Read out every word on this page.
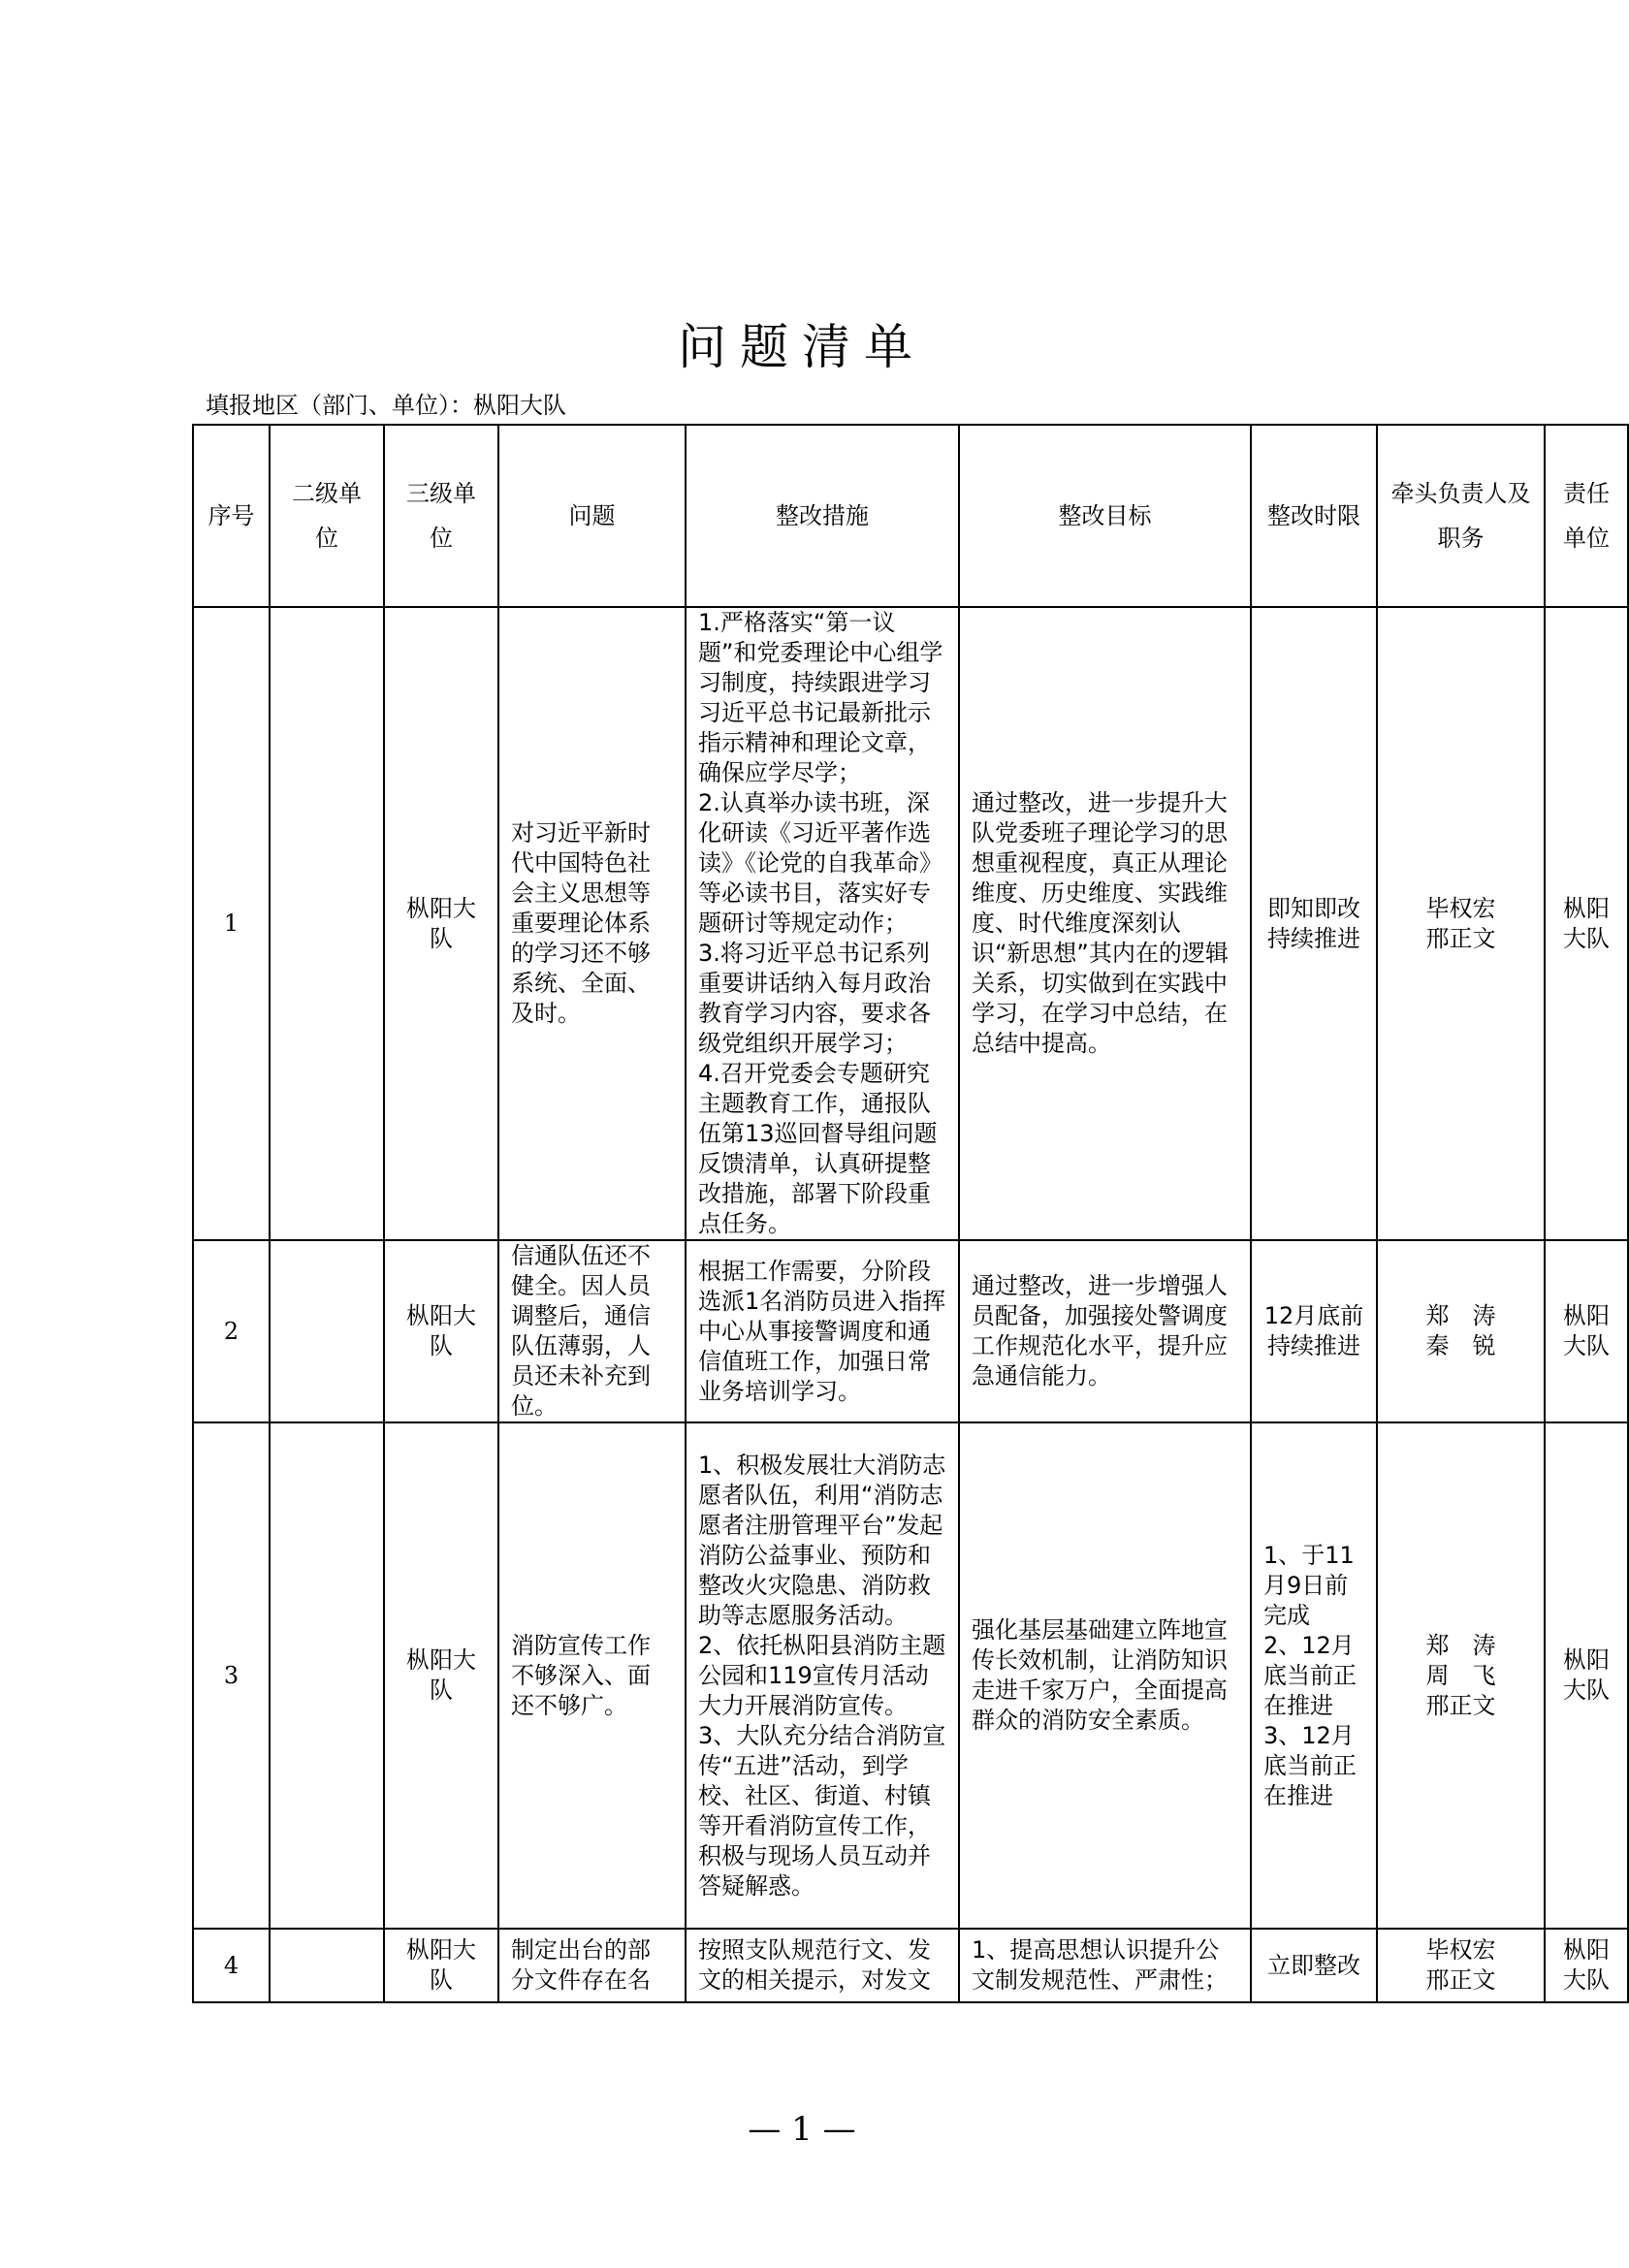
问题清单
填报地区（部门、单位）：枞阳大队
序号	二级单位	三级单位	问题	整改措施	整改目标	整改时限	牵头负责人及职务	责任单位
1		枞阳大队	对习近平新时代中国特色社会主义思想等重要理论体系的学习还不够系统、全面、及时。	1.严格落实“第一议题”和党委理论中心组学习制度，持续跟进学习习近平总书记最新批示指示精神和理论文章，确保应学尽学；
2.认真举办读书班，深化研读《习近平著作选读》《论党的自我革命》等必读书目，落实好专题研讨等规定动作；
3.将习近平总书记系列重要讲话纳入每月政治教育学习内容，要求各级党组织开展学习；
4.召开党委会专题研究主题教育工作，通报队伍第13巡回督导组问题反馈清单，认真研提整改措施，部署下阶段重点任务。	通过整改，进一步提升大队党委班子理论学习的思想重视程度，真正从理论维度、历史维度、实践维度、时代维度深刻认识“新思想”其内在的逻辑关系，切实做到在实践中学习，在学习中总结，在总结中提高。	即知即改持续推进	毕权宏
邢正文	枞阳大队
2		枞阳大队	信通队伍还不健全。因人员调整后，通信队伍薄弱，人员还未补充到位。	根据工作需要，分阶段选派1名消防员进入指挥中心从事接警调度和通信值班工作，加强日常业务培训学习。	通过整改，进一步增强人员配备，加强接处警调度工作规范化水平，提升应急通信能力。	12月底前持续推进	郑　涛
秦　锐	枞阳大队
3		枞阳大队	消防宣传工作不够深入、面还不够广。	1、积极发展壮大消防志愿者队伍，利用“消防志愿者注册管理平台”发起消防公益事业、预防和整改火灾隐患、消防救助等志愿服务活动。
2、依托枞阳县消防主题公园和119宣传月活动大力开展消防宣传。
3、大队充分结合消防宣传“五进”活动，到学校、社区、街道、村镇等开看消防宣传工作，积极与现场人员互动并答疑解惑。	强化基层基础建立阵地宣传长效机制，让消防知识走进千家万户，全面提高群众的消防安全素质。	1、于11月9日前完成
2、12月底当前正在推进
3、12月底当前正在推进	郑　涛
周　飞
邢正文	枞阳大队
4		枞阳大队	制定出台的部分文件存在名	按照支队规范行文、发文的相关提示，对发文	1、提高思想认识提升公文制发规范性、严肃性；	立即整改	毕权宏
邢正文	枞阳大队
— 1 —
